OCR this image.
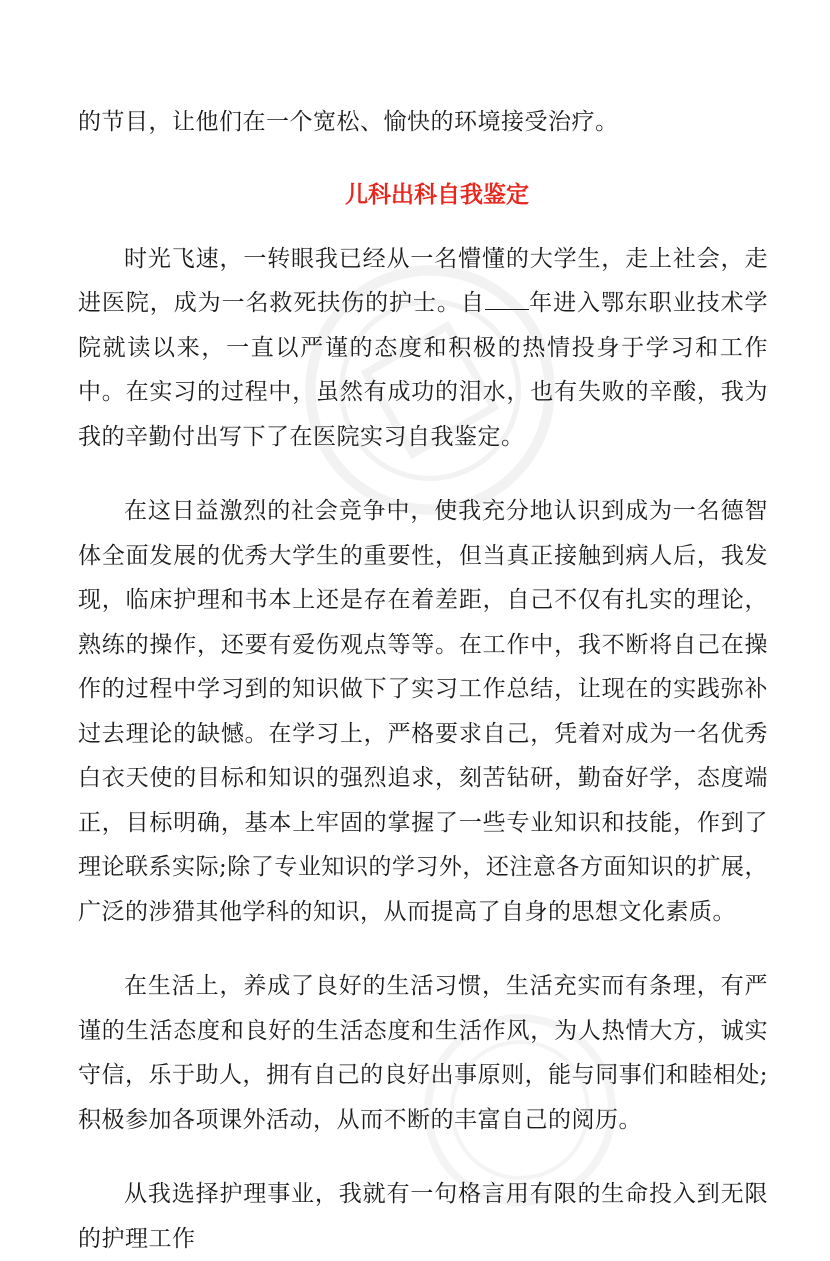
的节目，让他们在一个宽松、愉快的环境接受治疗。

儿科出科自我鉴定

时光飞速，一转眼我已经从一名懵懂的大学生，走上社会，走进医院，成为一名救死扶伤的护士。自 年进入鄂东职业技术学院就读以来，一直以严谨的态度和积极的热情投身于学习和工作中。在实习的过程中，虽然有成功的泪水，也有失败的辛酸，我为我的辛勤付出写下了在医院实习自我鉴定。

在这日益激烈的社会竞争中，使我充分地认识到成为一名德智体全面发展的优秀大学生的重要性，但当真正接触到病人后，我发现，临床护理和书本上还是存在着差距，自己不仅有扎实的理论，熟练的操作，还要有爱伤观点等等。在工作中，我不断将自己在操作的过程中学习到的知识做下了实习工作总结，让现在的实践弥补过去理论的缺憾。在学习上，严格要求自己，凭着对成为一名优秀白衣天使的目标和知识的强烈追求，刻苦钻研，勤奋好学，态度端正，目标明确，基本上牢固的掌握了一些专业知识和技能，作到了理论联系实际;除了专业知识的学习外，还注意各方面知识的扩展，广泛的涉猎其他学科的知识，从而提高了自身的思想文化素质。

在生活上，养成了良好的生活习惯，生活充实而有条理，有严谨的生活态度和良好的生活态度和生活作风，为人热情大方，诚实守信，乐于助人，拥有自己的良好出事原则，能与同事们和睦相处;积极参加各项课外活动，从而不断的丰富自己的阅历。

从我选择护理事业，我就有一句格言用有限的生命投入到无限的护理工作
